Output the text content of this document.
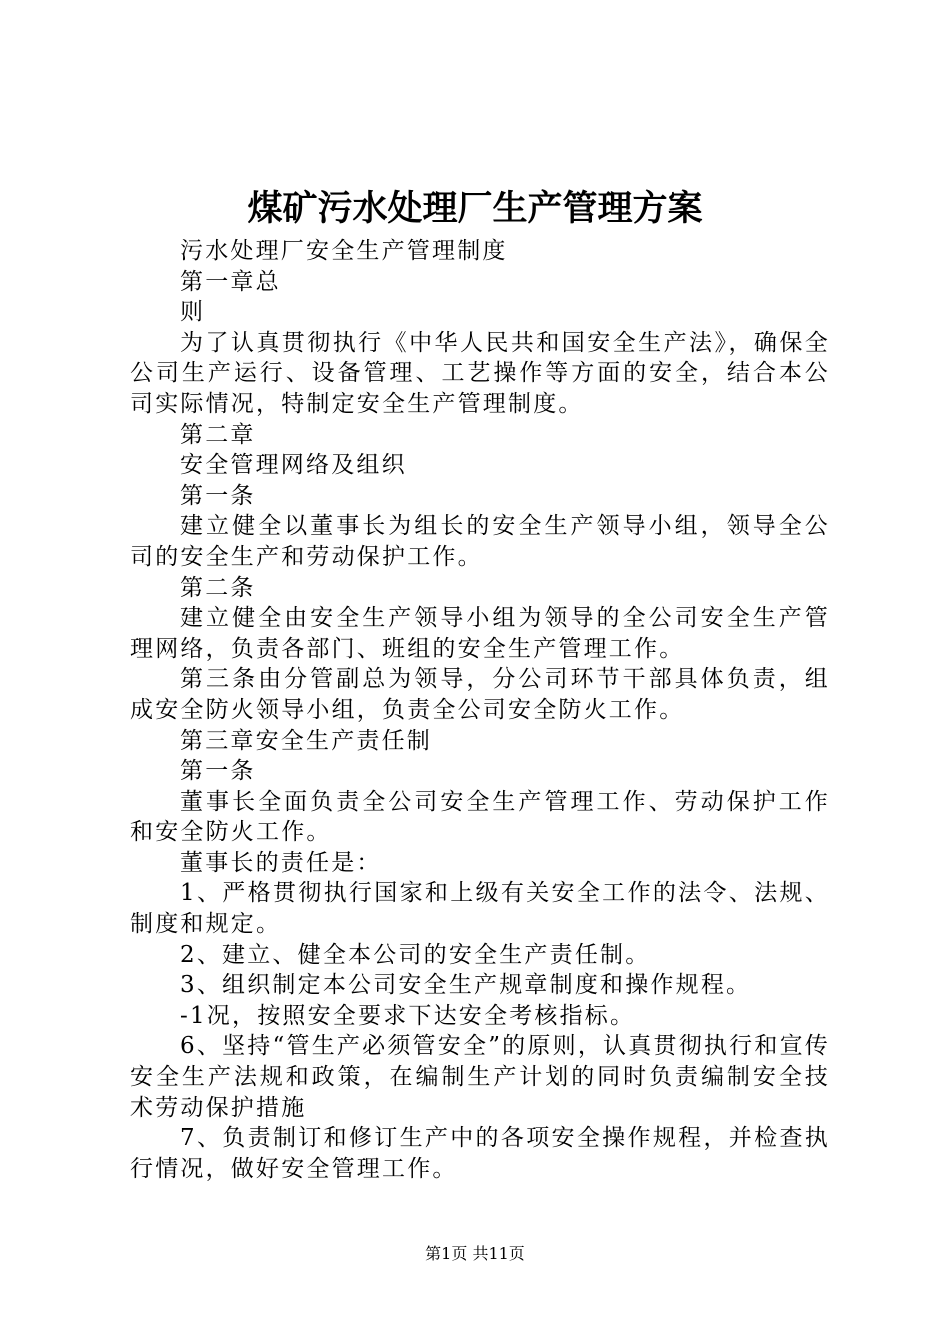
煤矿污水处理厂生产管理方案

污水处理厂安全生产管理制度

第一章总

则

为了认真贯彻执行《中华人民共和国安全生产法》，确保全公司生产运行、设备管理、工艺操作等方面的安全，结合本公司实际情况，特制定安全生产管理制度。

第二章

安全管理网络及组织

第一条

建立健全以董事长为组长的安全生产领导小组，领导全公司的安全生产和劳动保护工作。

第二条

建立健全由安全生产领导小组为领导的全公司安全生产管理网络，负责各部门、班组的安全生产管理工作。

第三条由分管副总为领导，分公司环节干部具体负责，组成安全防火领导小组，负责全公司安全防火工作。

第三章安全生产责任制

第一条

董事长全面负责全公司安全生产管理工作、劳动保护工作和安全防火工作。

董事长的责任是：

1、严格贯彻执行国家和上级有关安全工作的法令、法规、制度和规定。

2、建立、健全本公司的安全生产责任制。

3、组织制定本公司安全生产规章制度和操作规程。

-1况，按照安全要求下达安全考核指标。

6、坚持“管生产必须管安全”的原则，认真贯彻执行和宣传安全生产法规和政策，在编制生产计划的同时负责编制安全技术劳动保护措施

7、负责制订和修订生产中的各项安全操作规程，并检查执行情况，做好安全管理工作。

第1页 共11页
